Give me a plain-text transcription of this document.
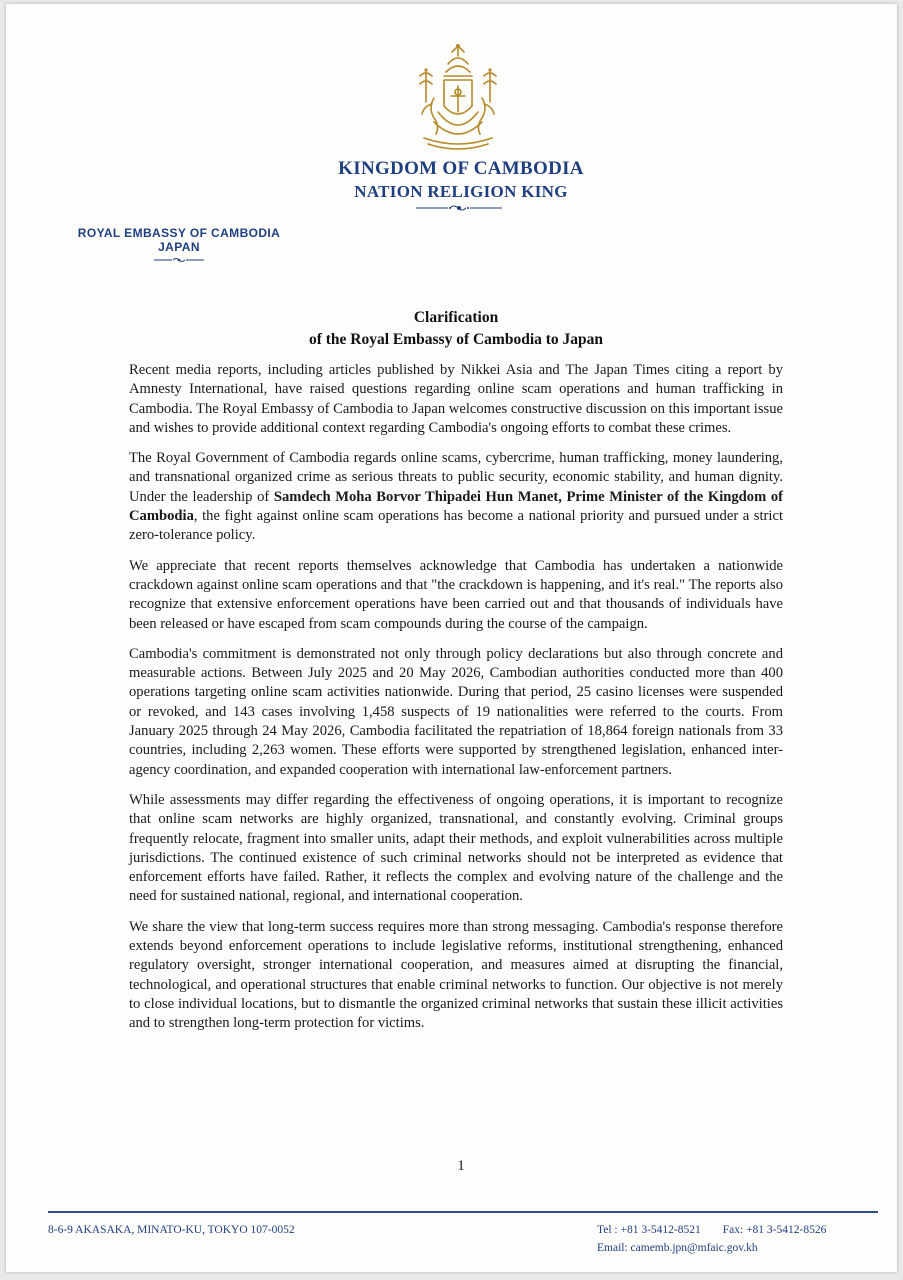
KINGDOM OF CAMBODIA
NATION RELIGION KING
ROYAL EMBASSY OF CAMBODIA
JAPAN
Clarification
of the Royal Embassy of Cambodia to Japan

Recent media reports, including articles published by Nikkei Asia and The Japan Times citing a report by Amnesty International, have raised questions regarding online scam operations and human trafficking in Cambodia. The Royal Embassy of Cambodia to Japan welcomes constructive discussion on this important issue and wishes to provide additional context regarding Cambodia's ongoing efforts to combat these crimes.

The Royal Government of Cambodia regards online scams, cybercrime, human trafficking, money laundering, and transnational organized crime as serious threats to public security, economic stability, and human dignity. Under the leadership of Samdech Moha Borvor Thipadei Hun Manet, Prime Minister of the Kingdom of Cambodia, the fight against online scam operations has become a national priority and pursued under a strict zero-tolerance policy.

We appreciate that recent reports themselves acknowledge that Cambodia has undertaken a nationwide crackdown against online scam operations and that "the crackdown is happening, and it's real." The reports also recognize that extensive enforcement operations have been carried out and that thousands of individuals have been released or have escaped from scam compounds during the course of the campaign.

Cambodia's commitment is demonstrated not only through policy declarations but also through concrete and measurable actions. Between July 2025 and 20 May 2026, Cambodian authorities conducted more than 400 operations targeting online scam activities nationwide. During that period, 25 casino licenses were suspended or revoked, and 143 cases involving 1,458 suspects of 19 nationalities were referred to the courts. From January 2025 through 24 May 2026, Cambodia facilitated the repatriation of 18,864 foreign nationals from 33 countries, including 2,263 women. These efforts were supported by strengthened legislation, enhanced inter-agency coordination, and expanded cooperation with international law-enforcement partners.

While assessments may differ regarding the effectiveness of ongoing operations, it is important to recognize that online scam networks are highly organized, transnational, and constantly evolving. Criminal groups frequently relocate, fragment into smaller units, adapt their methods, and exploit vulnerabilities across multiple jurisdictions. The continued existence of such criminal networks should not be interpreted as evidence that enforcement efforts have failed. Rather, it reflects the complex and evolving nature of the challenge and the need for sustained national, regional, and international cooperation.

We share the view that long-term success requires more than strong messaging. Cambodia's response therefore extends beyond enforcement operations to include legislative reforms, institutional strengthening, enhanced regulatory oversight, stronger international cooperation, and measures aimed at disrupting the financial, technological, and operational structures that enable criminal networks to function. Our objective is not merely to close individual locations, but to dismantle the organized criminal networks that sustain these illicit activities and to strengthen long-term protection for victims.

1
8-6-9 AKASAKA, MINATO-KU, TOKYO 107-0052	Tel : +81 3-5412-8521 Fax: +81 3-5412-8526
Email: camemb.jpn@mfaic.gov.kh
